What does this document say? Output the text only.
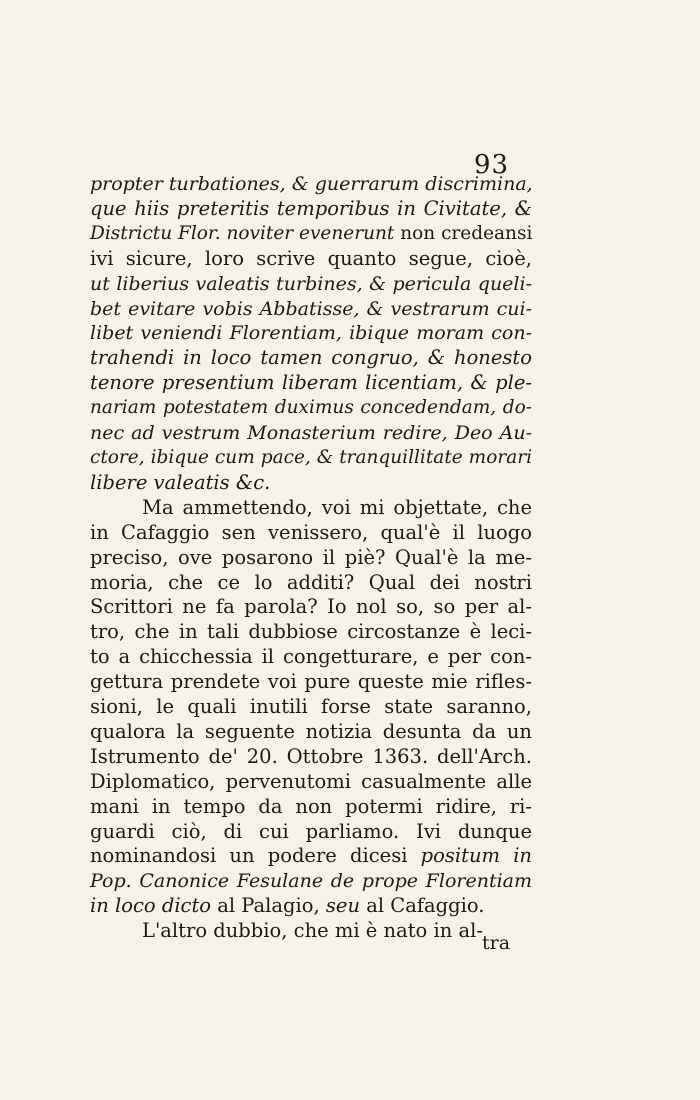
93
propter turbationes, & guerrarum discrimina,
que hiis preteritis temporibus in Civitate, &
Districtu Flor. noviter evenerunt non credeansi
ivi sicure, loro scrive quanto segue, cioè,
ut liberius valeatis turbines, & pericula queli-
bet evitare vobis Abbatisse, & vestrarum cui-
libet veniendi Florentiam, ibique moram con-
trahendi in loco tamen congruo, & honesto
tenore presentium liberam licentiam, & ple-
nariam potestatem duximus concedendam, do-
nec ad vestrum Monasterium redire, Deo Au-
ctore, ibique cum pace, & tranquillitate morari
libere valeatis &c.
Ma ammettendo, voi mi objettate, che
in Cafaggio sen venissero, qual'è il luogo
preciso, ove posarono il piè? Qual'è la me-
moria, che ce lo additi? Qual dei nostri
Scrittori ne fa parola? Io nol so, so per al-
tro, che in tali dubbiose circostanze è leci-
to a chicchessia il congetturare, e per con-
gettura prendete voi pure queste mie rifles-
sioni, le quali inutili forse state saranno,
qualora la seguente notizia desunta da un
Istrumento de' 20. Ottobre 1363. dell'Arch.
Diplomatico, pervenutomi casualmente alle
mani in tempo da non potermi ridire, ri-
guardi ciò, di cui parliamo. Ivi dunque
nominandosi un podere dicesi positum in
Pop. Canonice Fesulane de prope Florentiam
in loco dicto al Palagio, seu al Cafaggio.
L'altro dubbio, che mi è nato in al-
tra
